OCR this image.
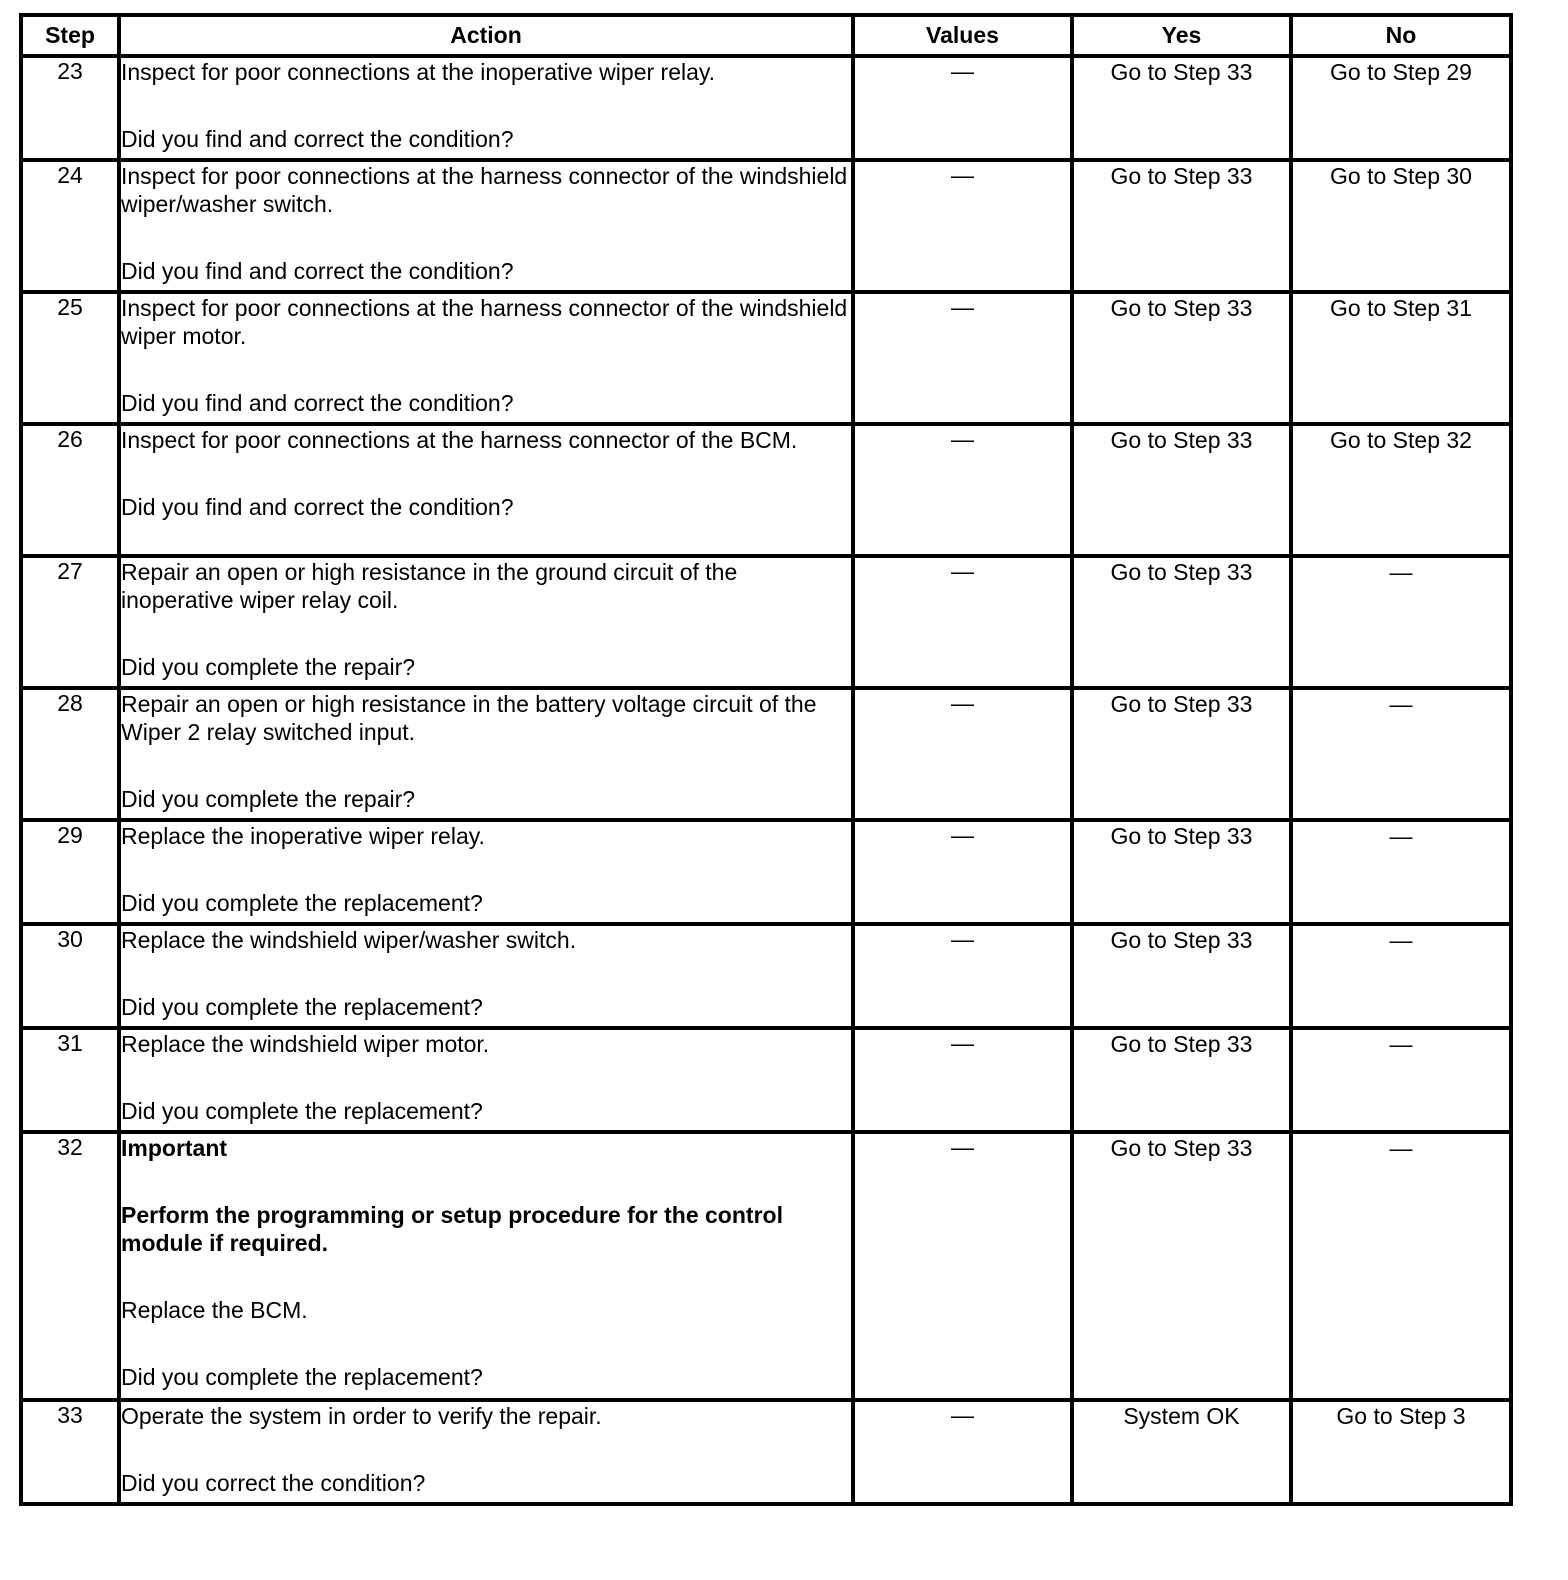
Step	Action	Values	Yes	No
23	Inspect for poor connections at the inoperative wiper relay.

Did you find and correct the condition?	—	Go to Step 33	Go to Step 29
24	Inspect for poor connections at the harness connector of the windshield wiper/washer switch.

Did you find and correct the condition?	—	Go to Step 33	Go to Step 30
25	Inspect for poor connections at the harness connector of the windshield wiper motor.

Did you find and correct the condition?	—	Go to Step 33	Go to Step 31
26	Inspect for poor connections at the harness connector of the BCM.

Did you find and correct the condition?	—	Go to Step 33	Go to Step 32
27	Repair an open or high resistance in the ground circuit of the inoperative wiper relay coil.

Did you complete the repair?	—	Go to Step 33	—
28	Repair an open or high resistance in the battery voltage circuit of the Wiper 2 relay switched input.

Did you complete the repair?	—	Go to Step 33	—
29	Replace the inoperative wiper relay.

Did you complete the replacement?	—	Go to Step 33	—
30	Replace the windshield wiper/washer switch.

Did you complete the replacement?	—	Go to Step 33	—
31	Replace the windshield wiper motor.

Did you complete the replacement?	—	Go to Step 33	—
32	Important

Perform the programming or setup procedure for the control module if required.

Replace the BCM.

Did you complete the replacement?	—	Go to Step 33	—
33	Operate the system in order to verify the repair.

Did you correct the condition?	—	System OK	Go to Step 3
